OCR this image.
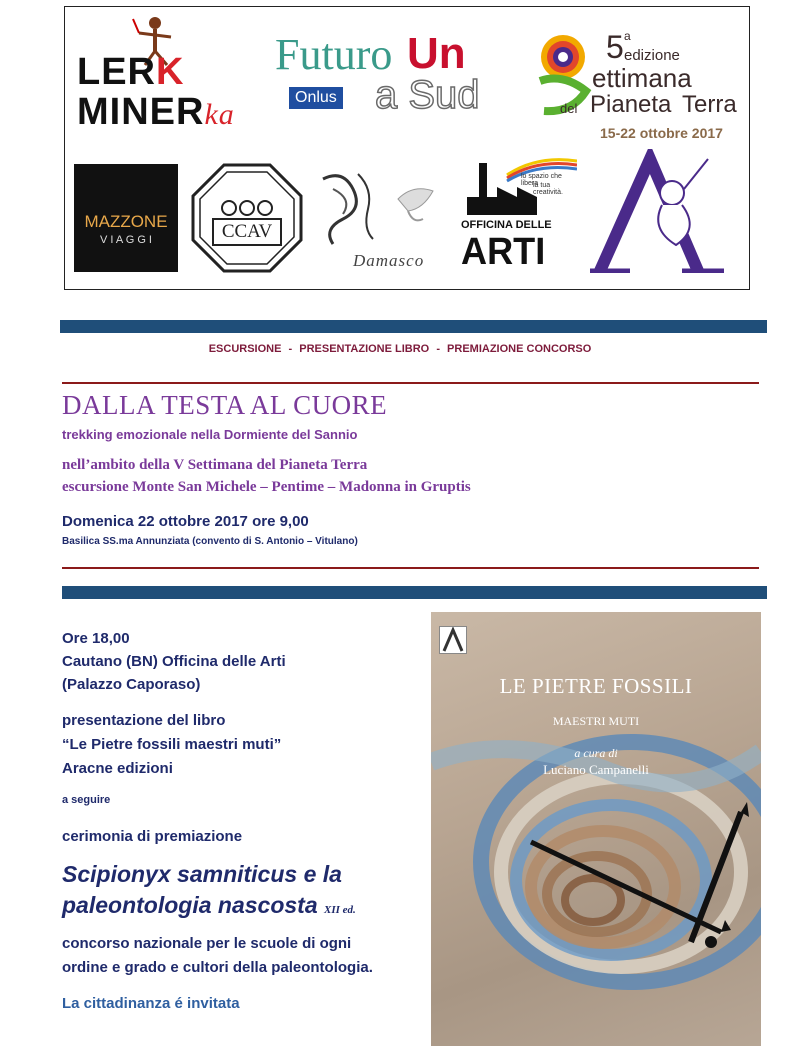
LERK
MINERka
Futuro Un
Onlus a Sud
5 a
edizione
ettimana
del Pianeta Terra
15-22 ottobre 2017
MAZZONE
V I A G G I	CCAV
Damasco
lo spazio che libera
la tua creatività.
OFFICINA DELLE
ARTI
ESCURSIONE - PRESENTAZIONE LIBRO - PREMIAZIONE CONCORSO
DALLA TESTA AL CUORE
trekking emozionale nella Dormiente del Sannio
nell’ambito della V Settimana del Pianeta Terra
escursione Monte San Michele – Pentime – Madonna in Gruptis
Domenica 22 ottobre 2017 ore 9,00
Basilica SS.ma Annunziata (convento di S. Antonio – Vitulano)
Ore 18,00
Cautano (BN) Officina delle Arti
(Palazzo Caporaso)
presentazione del libro
“Le Pietre fossili maestri muti”
Aracne edizioni
a seguire
cerimonia di premiazione
Scipionyx samniticus e la
paleontologia nascosta XII ed.
concorso nazionale per le scuole di ogni
ordine e grado e cultori della paleontologia.
La cittadinanza é invitata
LE PIETRE FOSSILI
MAESTRI MUTI
a cura di
Luciano Campanelli
